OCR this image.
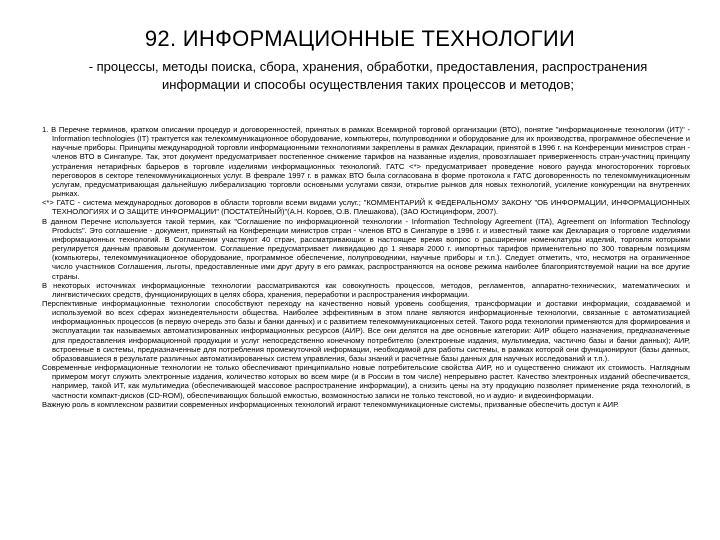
92. ИНФОРМАЦИОННЫЕ ТЕХНОЛОГИИ
- процессы, методы поиска, сбора, хранения, обработки, предоставления, распространения информации и способы осуществления таких процессов и методов;

1. В Перечне терминов, кратком описании процедур и договоренностей, принятых в рамках Всемирной торговой организации (ВТО), понятие "информационные технологии (ИТ)" - Information technologies (IT) трактуется как телекоммуникационное оборудование, компьютеры, полупроводники и оборудование для их производства, программное обеспечение и научные приборы. Принципы международной торговли информационными технологиями закреплены в рамках Декларации, принятой в 1996 г. на Конференции министров стран - членов ВТО в Сингапуре. Так, этот документ предусматривает постепенное снижение тарифов на названные изделия, провозглашает приверженность стран-участниц принципу устранения нетарифных барьеров в торговле изделиями информационных технологий. ГАТС <*> предусматривает проведение нового раунда многосторонних торговых переговоров в секторе телекоммуникационных услуг. В феврале 1997 г. в рамках ВТО была согласована в форме протокола к ГАТС договоренность по телекоммуникационным услугам, предусматривающая дальнейшую либерализацию торговли основными услугами связи, открытие рынков для новых технологий, усиление конкуренции на внутренних рынках.

<*> ГАТС - система международных договоров в области торговли всеми видами услуг.; "КОММЕНТАРИЙ К ФЕДЕРАЛЬНОМУ ЗАКОНУ "ОБ ИНФОРМАЦИИ, ИНФОРМАЦИОННЫХ ТЕХНОЛОГИЯХ И О ЗАЩИТЕ ИНФОРМАЦИИ" (ПОСТАТЕЙНЫЙ)"(А.Н. Короев, О.В. Плешакова), (ЗАО Юстицинформ, 2007).

В данном Перечне используется такой термин, как "Соглашение по информационной технологии - Information Technology Agreement (ITA), Agreement on Information Technology Products". Это соглашение - документ, принятый на Конференции министров стран - членов ВТО в Сингапуре в 1996 г. и известный также как Декларация о торговле изделиями информационных технологий. В Соглашении участвуют 40 стран, рассматривающих в настоящее время вопрос о расширении номенклатуры изделий, торговля которыми регулируется данным правовым документом. Соглашение предусматривает ликвидацию до 1 января 2000 г. импортных тарифов применительно по 300 товарным позициям (компьютеры, телекоммуникационное оборудование, программное обеспечение, полупроводники, научные приборы и т.п.). Следует отметить, что, несмотря на ограниченное число участников Соглашения, льготы, предоставленные ими друг другу в его рамках, распространяются на основе режима наиболее благоприятствуемой нации на все другие страны.

В некоторых источниках информационные технологии рассматриваются как совокупность процессов, методов, регламентов, аппаратно-технических, математических и лингвистических средств, функционирующих в целях сбора, хранения, переработки и распространения информации.

Перспективные информационные технологии способствуют переходу на качественно новый уровень сообщения, трансформации и доставки информации, создаваемой и используемой во всех сферах жизнедеятельности общества. Наиболее эффективным в этом плане являются информационные технологии, связанные с автоматизацией информационных процессов (в первую очередь это базы и банки данных) и с развитием телекоммуникационных сетей. Такого рода технологии применяются для формирования и эксплуатации так называемых автоматизированных информационных ресурсов (АИР). Все они делятся на две основные категории: АИР общего назначения, предназначенные для предоставления информационной продукции и услуг непосредственно конечному потребителю (электронные издания, мультимедиа, частично базы и банки данных); АИР, встроенные в системы, предназначенные для потребления промежуточной информации, необходимой для работы системы, в рамках которой они функционируют (базы данных, образовавшиеся в результате различных автоматизированных систем управления, базы знаний и расчетные базы данных для научных исследований и т.п.).

Современные информационные технологии не только обеспечивают принципиально новые потребительские свойства АИР, но и существенно снижают их стоимость. Наглядным примером могут служить электронные издания, количество которых во всем мире (и в России в том числе) непрерывно растет. Качество электронных изданий обеспечивается, например, такой ИТ, как мультимедиа (обеспечивающей массовое распространение информации), а снизить цены на эту продукцию позволяет применение ряда технологий, в частности компакт-дисков (CD-ROM), обеспечивающих большой емкостью, возможностью записи не только текстовой, но и аудио- и видеоинформации.

Важную роль в комплексном развитии современных информационных технологий играют телекоммуникационные системы, призванные обеспечить доступ к АИР.
